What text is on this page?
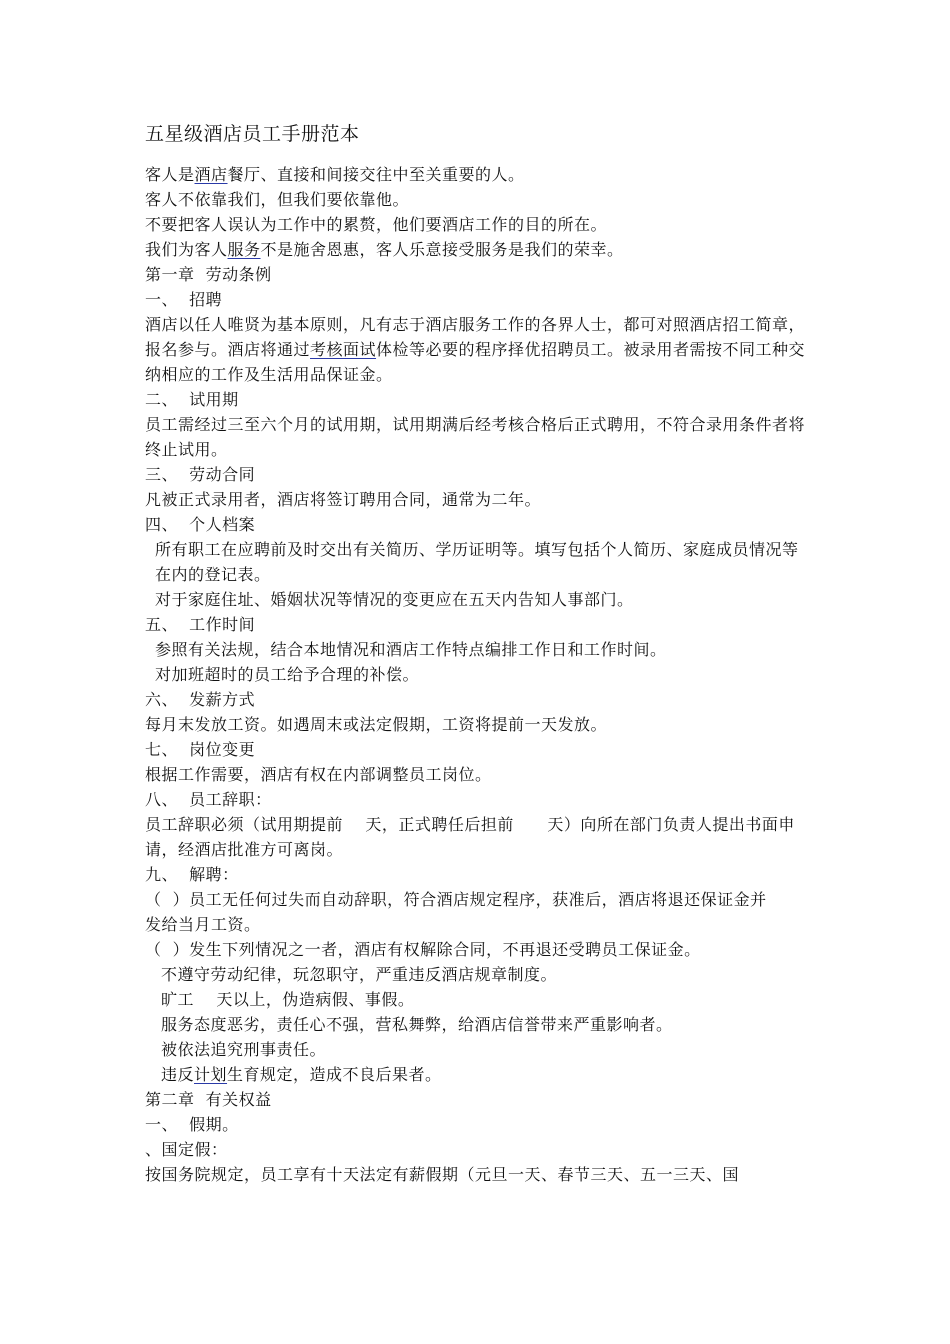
五星级酒店员工手册范本
客人是酒店餐厅、直接和间接交往中至关重要的人。
客人不依靠我们，但我们要依靠他。
不要把客人误认为工作中的累赘，他们要酒店工作的目的所在。
我们为客人服务不是施舍恩惠，客人乐意接受服务是我们的荣幸。
第一章  劳动条例
一、  招聘
酒店以任人唯贤为基本原则，凡有志于酒店服务工作的各界人士，都可对照酒店招工简章，报名参与。酒店将通过考核面试体检等必要的程序择优招聘员工。被录用者需按不同工种交纳相应的工作及生活用品保证金。
二、  试用期
员工需经过三至六个月的试用期，试用期满后经考核合格后正式聘用，不符合录用条件者将终止试用。
三、  劳动合同
凡被正式录用者，酒店将签订聘用合同，通常为二年。
四、  个人档案
所有职工在应聘前及时交出有关简历、学历证明等。填写包括个人简历、家庭成员情况等在内的登记表。
对于家庭住址、婚姻状况等情况的变更应在五天内告知人事部门。
五、  工作时间
参照有关法规，结合本地情况和酒店工作特点编排工作日和工作时间。
对加班超时的员工给予合理的补偿。
六、  发薪方式
每月末发放工资。如遇周末或法定假期，工资将提前一天发放。
七、  岗位变更
根据工作需要，酒店有权在内部调整员工岗位。
八、  员工辞职：
员工辞职必须（试用期提前    天，正式聘任后担前      天）向所在部门负责人提出书面申请，经酒店批准方可离岗。
九、  解聘：
（  ）员工无任何过失而自动辞职，符合酒店规定程序，获准后，酒店将退还保证金并
发给当月工资。
（  ）发生下列情况之一者，酒店有权解除合同，不再退还受聘员工保证金。
不遵守劳动纪律，玩忽职守，严重违反酒店规章制度。
旷工    天以上，伪造病假、事假。
服务态度恶劣，责任心不强，营私舞弊，给酒店信誉带来严重影响者。
被依法追究刑事责任。
违反计划生育规定，造成不良后果者。
第二章  有关权益
一、  假期。
、国定假：
按国务院规定，员工享有十天法定有薪假期（元旦一天、春节三天、五一三天、国
